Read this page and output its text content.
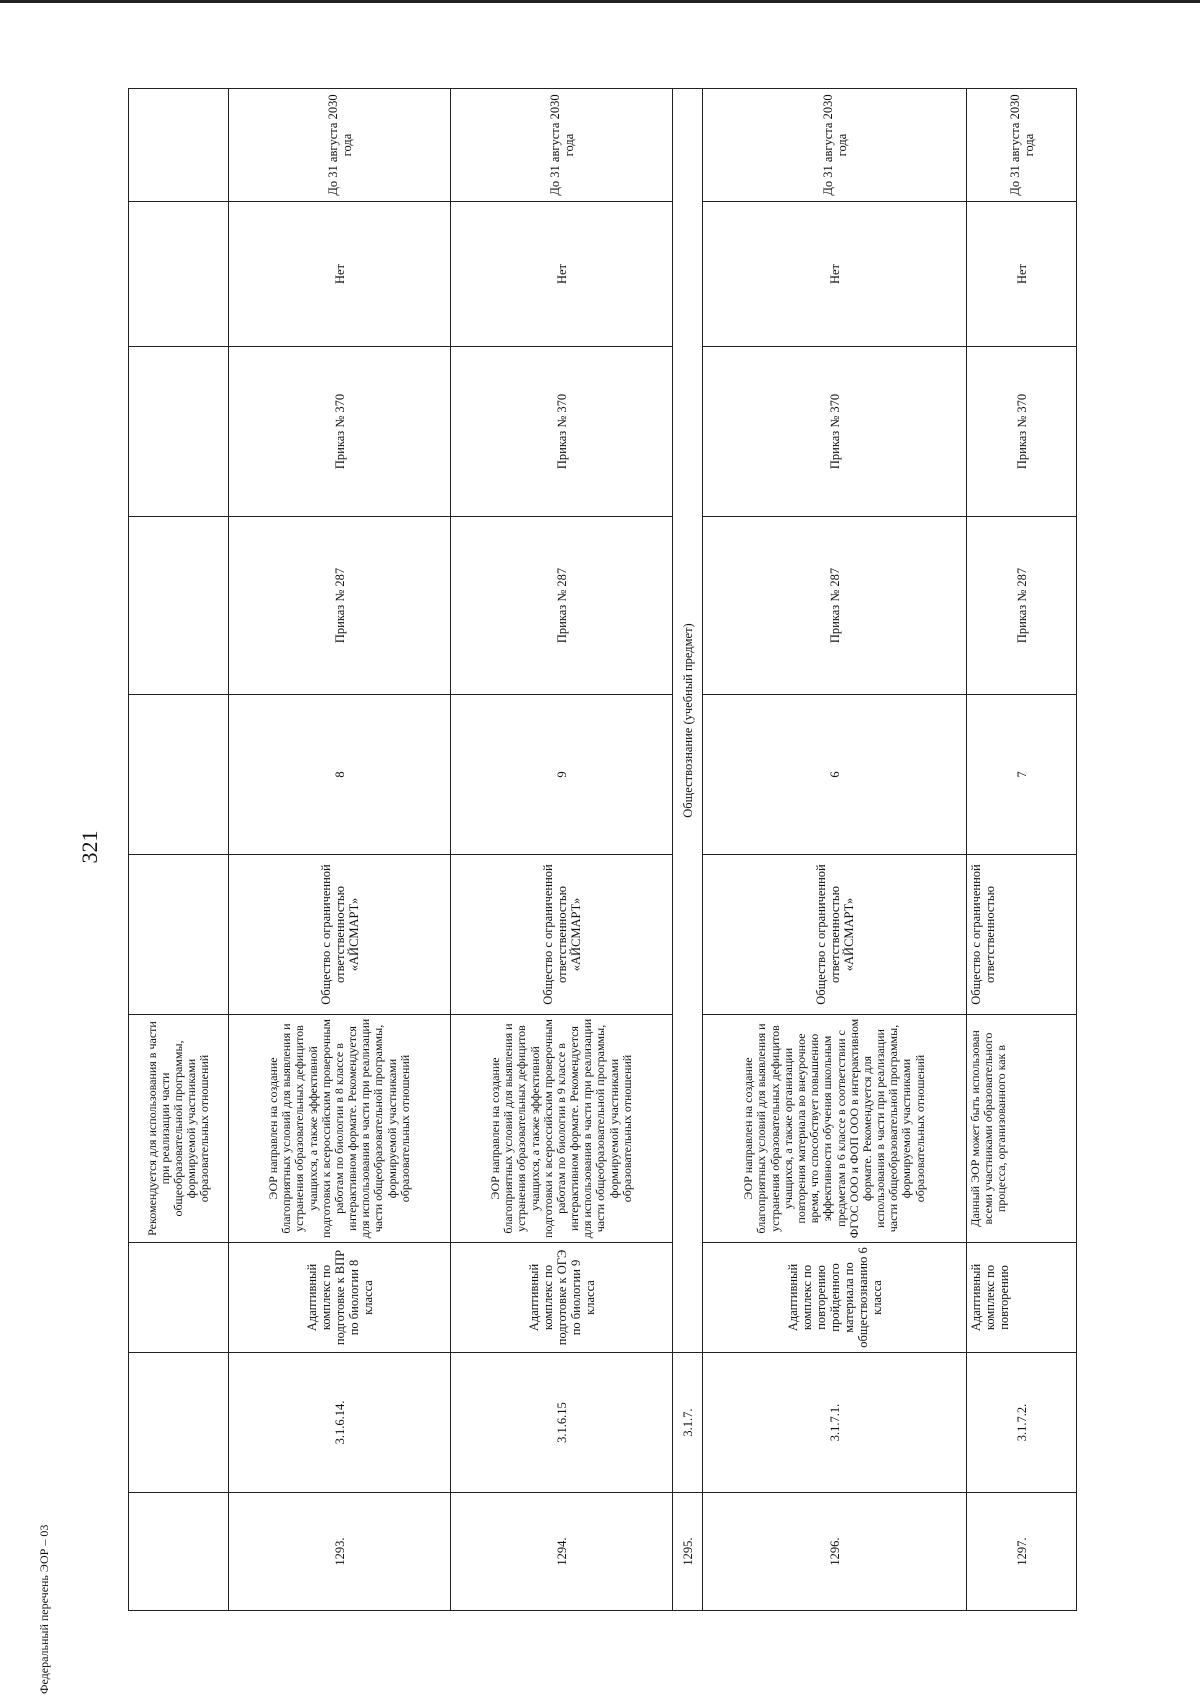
321
			Рекомендуется для использования в части при реализации части общеобразовательной программы, формируемой участниками образовательных отношений						
1293.	3.1.6.14.	Адаптивный комплекс по подготовке к ВПР по биологии 8 класса	ЭОР направлен на создание благоприятных условий для выявления и устранения образовательных дефицитов учащихся, а также эффективной подготовки к всероссийским проверочным работам по биологии в 8 классе в интерактивном формате. Рекомендуется для использования в части при реализации части общеобразовательной программы, формируемой участниками образовательных отношений	Общество с ограниченной ответственностью «АЙСМАРТ»	8	Приказ № 287	Приказ № 370	Нет	До 31 августа 2030 года
1294.	3.1.6.15	Адаптивный комплекс по подготовке к ОГЭ по биологии 9 класса	ЭОР направлен на создание благоприятных условий для выявления и устранения образовательных дефицитов учащихся, а также эффективной подготовки к всероссийским проверочным работам по биологии в 9 классе в интерактивном формате. Рекомендуется для использования в части при реализации части общеобразовательной программы, формируемой участниками образовательных отношений	Общество с ограниченной ответственностью «АЙСМАРТ»	9	Приказ № 287	Приказ № 370	Нет	До 31 августа 2030 года
1295.	3.1.7.	Обществознание (учебный предмет)							
1296.	3.1.7.1.	Адаптивный комплекс по повторению пройденного материала по обществознанию 6 класса	ЭОР направлен на создание благоприятных условий для выявления и устранения образовательных дефицитов учащихся, а также организации повторения материала во внеурочное время, что способствует повышению эффективности обучения школьным предметам в 6 классе в соответствии с ФГОС ООО и ФОП ООО в интерактивном формате. Рекомендуется для использования в части при реализации части общеобразовательной программы, формируемой участниками образовательных отношений	Общество с ограниченной ответственностью «АЙСМАРТ»	6	Приказ № 287	Приказ № 370	Нет	До 31 августа 2030 года
1297.	3.1.7.2.	Адаптивный комплекс по повторению	Данный ЭОР может быть использован всеми участниками образовательного процесса, организованного как в	Общество с ограниченной ответственностью	7	Приказ № 287	Приказ № 370	Нет	До 31 августа 2030 года
Федеральный перечень ЭОР – 03
